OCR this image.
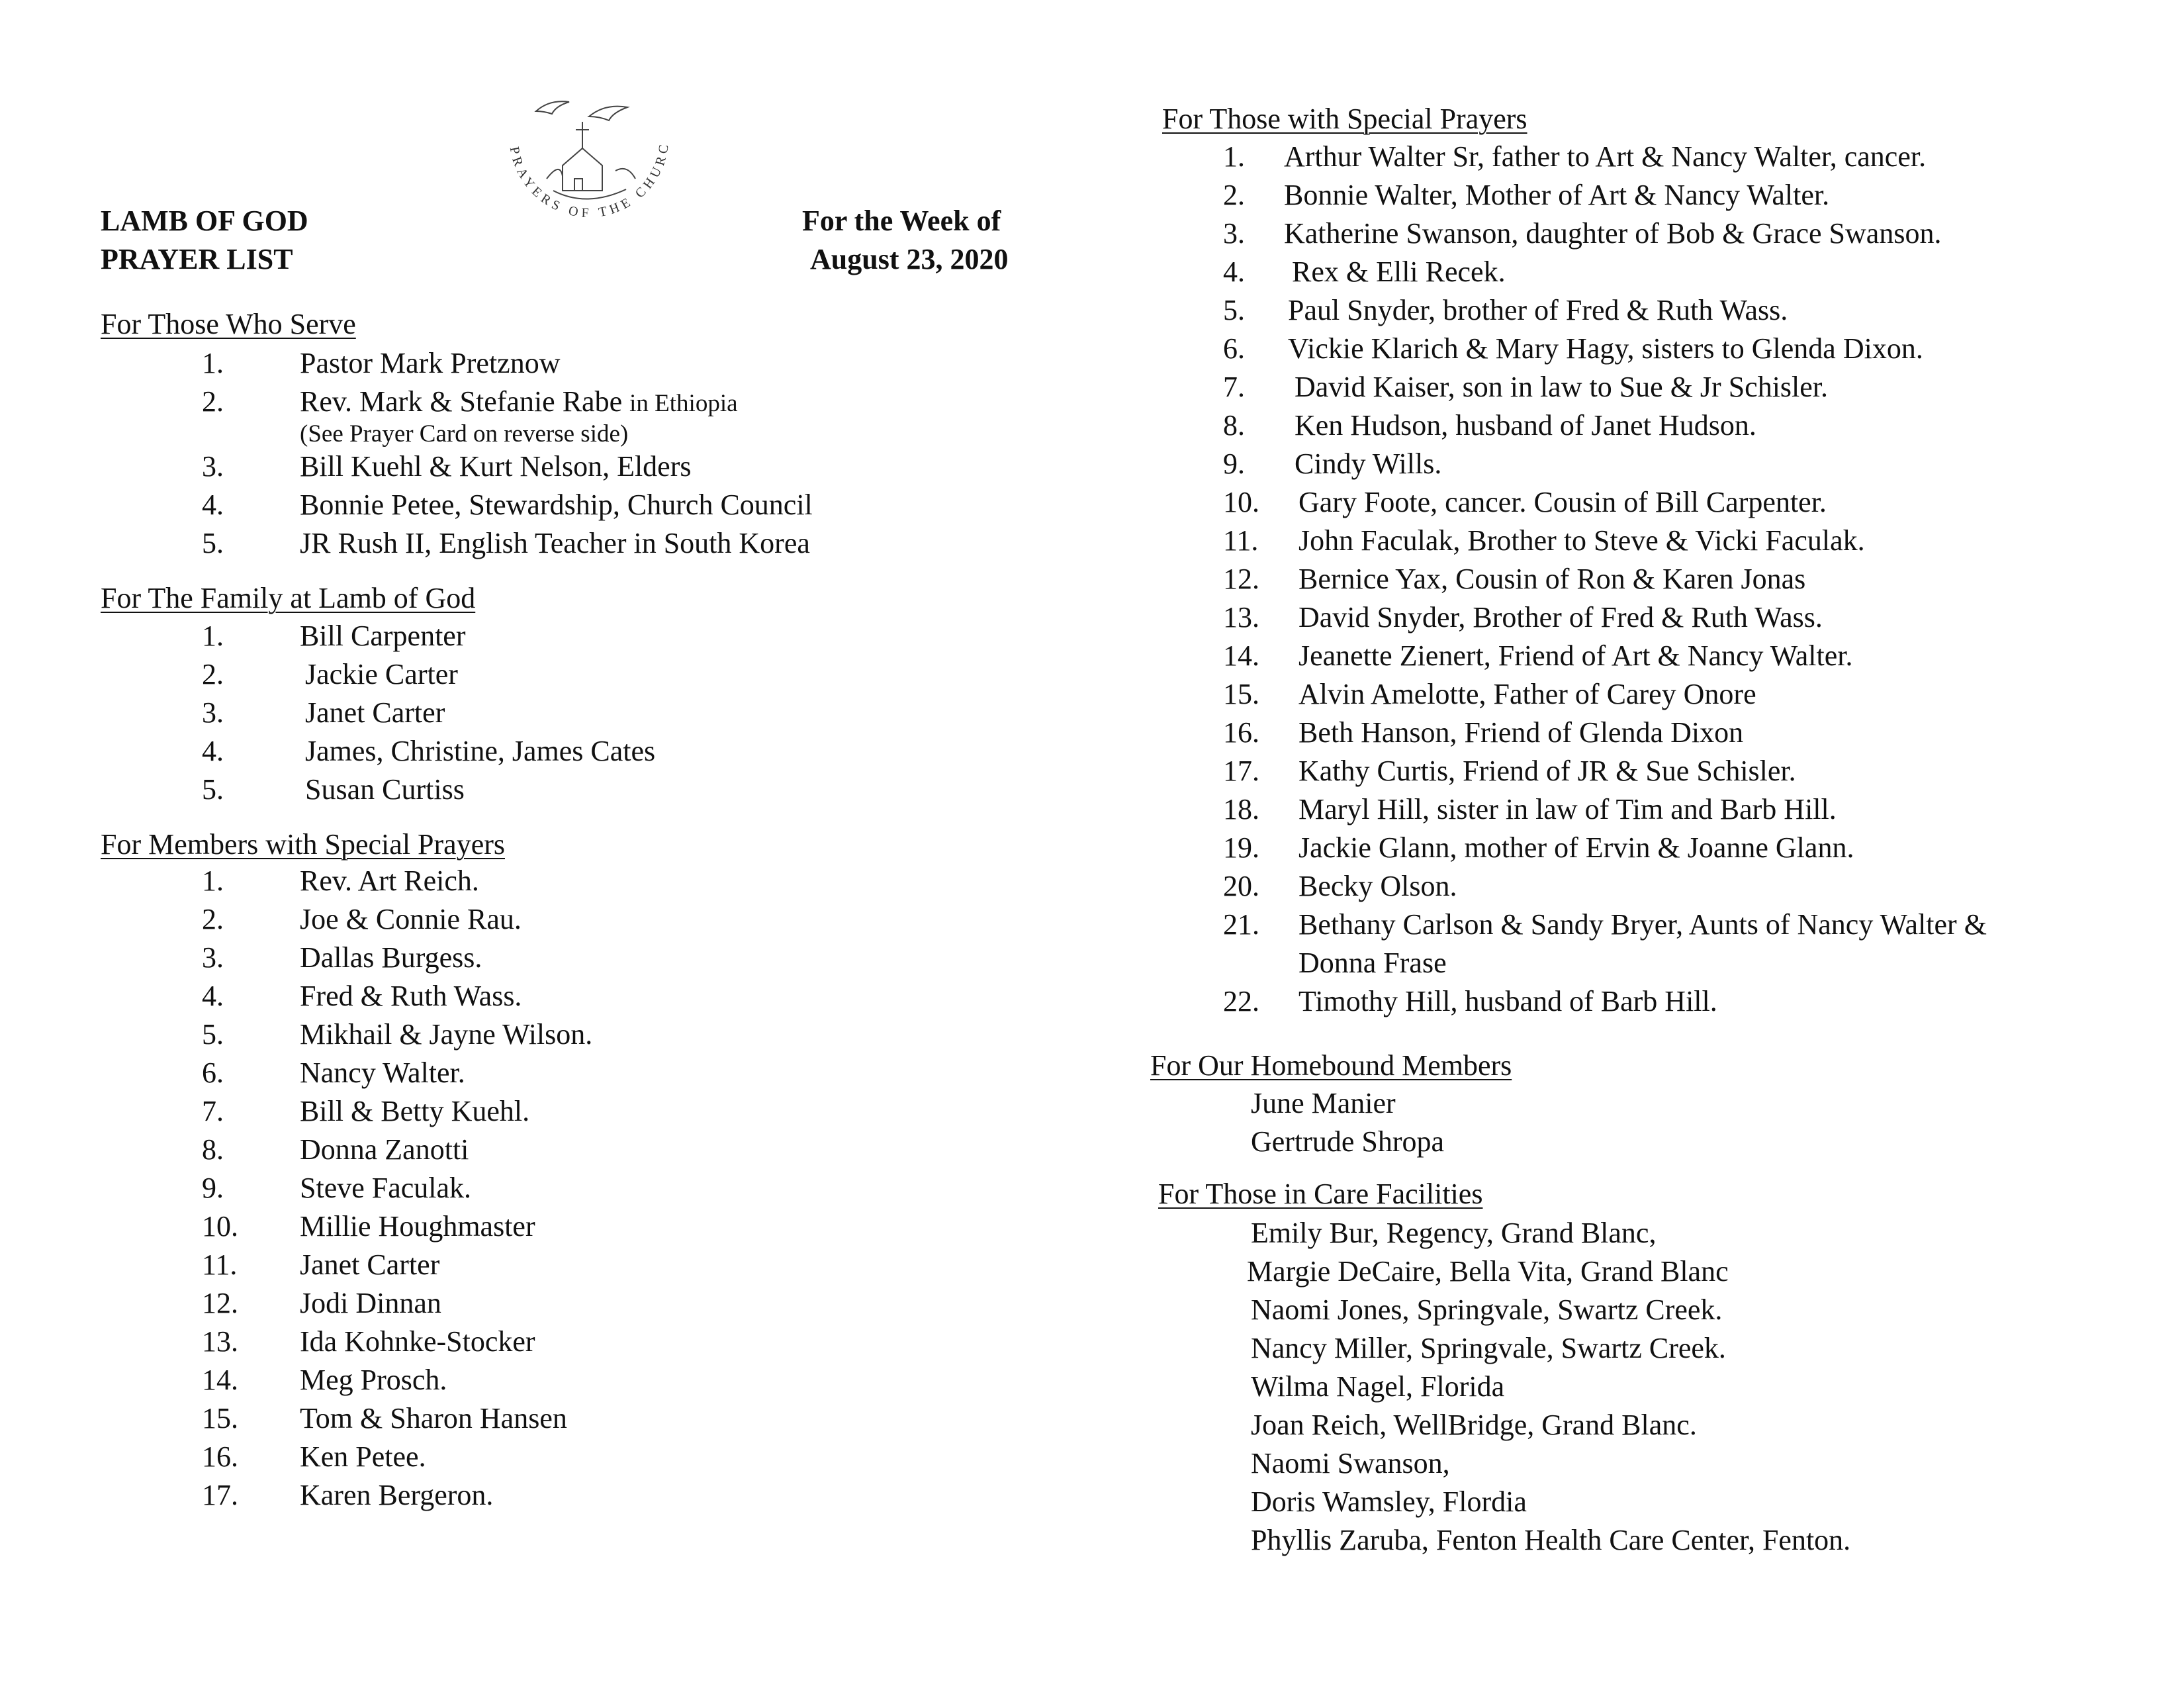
LAMB OF GOD
PRAYER LIST
For the Week of
August 23, 2020
PRAYERS OF THE CHURC
For Those Who Serve
1.	Pastor Mark Pretznow
2.	Rev. Mark & Stefanie Rabe in Ethiopia
(See Prayer Card on reverse side)
3.	Bill Kuehl & Kurt Nelson, Elders
4.	Bonnie Petee, Stewardship, Church Council
5.	JR Rush II, English Teacher in South Korea
For The Family at Lamb of God
1.	Bill Carpenter
2.	Jackie Carter
3.	Janet Carter
4.	James, Christine, James Cates
5.	Susan Curtiss
For Members with Special Prayers
1.	Rev. Art Reich.
2.	Joe & Connie Rau.
3.	Dallas Burgess.
4.	Fred & Ruth Wass.
5.	Mikhail & Jayne Wilson.
6.	Nancy Walter.
7.	Bill & Betty Kuehl.
8.	Donna Zanotti
9.	Steve Faculak.
10. Millie Houghmaster
11. Janet Carter
12. Jodi Dinnan
13. Ida Kohnke-Stocker
14. Meg Prosch.
15. Tom & Sharon Hansen
16. Ken Petee.
17. Karen Bergeron.
For Those with Special Prayers
1. Arthur Walter Sr, father to Art & Nancy Walter, cancer.
2. Bonnie Walter, Mother of Art & Nancy Walter.
3. Katherine Swanson, daughter of Bob & Grace Swanson.
4. Rex & Elli Recek.
5. Paul Snyder, brother of Fred & Ruth Wass.
6. Vickie Klarich & Mary Hagy, sisters to Glenda Dixon.
7. David Kaiser, son in law to Sue & Jr Schisler.
8. Ken Hudson, husband of Janet Hudson.
9. Cindy Wills.
10. Gary Foote, cancer. Cousin of Bill Carpenter.
11. John Faculak, Brother to Steve & Vicki Faculak.
12. Bernice Yax, Cousin of Ron & Karen Jonas
13. David Snyder, Brother of Fred & Ruth Wass.
14. Jeanette Zienert, Friend of Art & Nancy Walter.
15. Alvin Amelotte, Father of Carey Onore
16. Beth Hanson, Friend of Glenda Dixon
17. Kathy Curtis, Friend of JR & Sue Schisler.
18. Maryl Hill, sister in law of Tim and Barb Hill.
19. Jackie Glann, mother of Ervin & Joanne Glann.
20. Becky Olson.
21. Bethany Carlson & Sandy Bryer, Aunts of Nancy Walter &
Donna Frase
22. Timothy Hill, husband of Barb Hill.
For Our Homebound Members
June Manier
Gertrude Shropa
For Those in Care Facilities
Emily Bur, Regency, Grand Blanc,
Margie DeCaire, Bella Vita, Grand Blanc
Naomi Jones, Springvale, Swartz Creek.
Nancy Miller, Springvale, Swartz Creek.
Wilma Nagel, Florida
Joan Reich, WellBridge, Grand Blanc.
Naomi Swanson,
Doris Wamsley, Flordia
Phyllis Zaruba, Fenton Health Care Center, Fenton.
